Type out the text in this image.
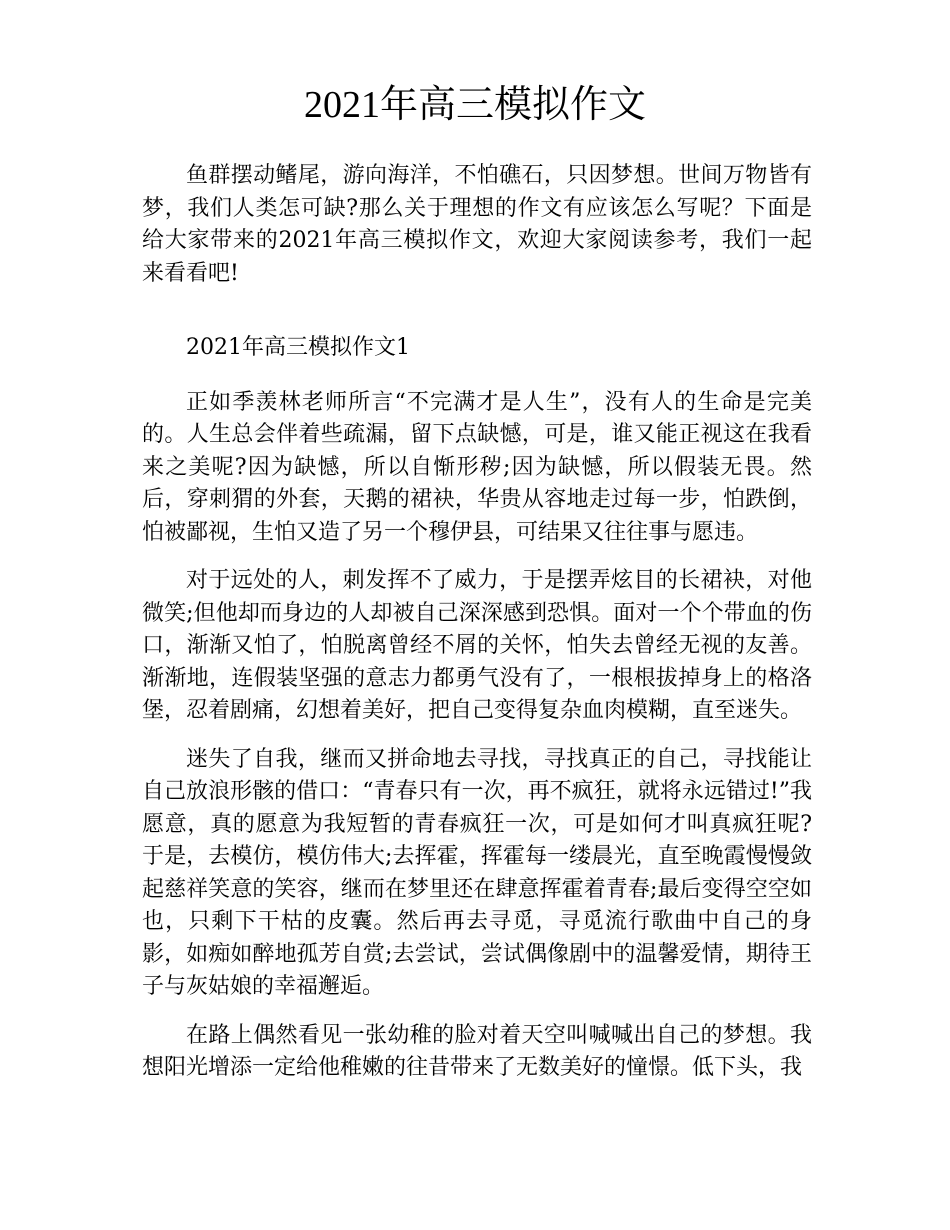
2021年高三模拟作文

鱼群摆动鳍尾，游向海洋，不怕礁石，只因梦想。世间万物皆有梦，我们人类怎可缺?那么关于理想的作文有应该怎么写呢？下面是给大家带来的2021年高三模拟作文，欢迎大家阅读参考，我们一起来看看吧!

2021年高三模拟作文1

正如季羡林老师所言“不完满才是人生”，没有人的生命是完美的。人生总会伴着些疏漏，留下点缺憾，可是，谁又能正视这在我看来之美呢?因为缺憾，所以自惭形秽;因为缺憾，所以假装无畏。然后，穿刺猬的外套，天鹅的裙袂，华贵从容地走过每一步，怕跌倒，怕被鄙视，生怕又造了另一个穆伊县，可结果又往往事与愿违。

对于远处的人，刺发挥不了威力，于是摆弄炫目的长裙袂，对他微笑;但他却而身边的人却被自己深深感到恐惧。面对一个个带血的伤口，渐渐又怕了，怕脱离曾经不屑的关怀，怕失去曾经无视的友善。渐渐地，连假装坚强的意志力都勇气没有了，一根根拔掉身上的格洛堡，忍着剧痛，幻想着美好，把自己变得复杂血肉模糊，直至迷失。

迷失了自我，继而又拼命地去寻找，寻找真正的自己，寻找能让自己放浪形骸的借口：“青春只有一次，再不疯狂，就将永远错过!”我愿意，真的愿意为我短暂的青春疯狂一次，可是如何才叫真疯狂呢?于是，去模仿，模仿伟大;去挥霍，挥霍每一缕晨光，直至晚霞慢慢敛起慈祥笑意的笑容，继而在梦里还在肆意挥霍着青春;最后变得空空如也，只剩下干枯的皮囊。然后再去寻觅，寻觅流行歌曲中自己的身影，如痴如醉地孤芳自赏;去尝试，尝试偶像剧中的温馨爱情，期待王子与灰姑娘的幸福邂逅。

在路上偶然看见一张幼稚的脸对着天空叫喊喊出自己的梦想。我想阳光增添一定给他稚嫩的往昔带来了无数美好的憧憬。低下头，我
